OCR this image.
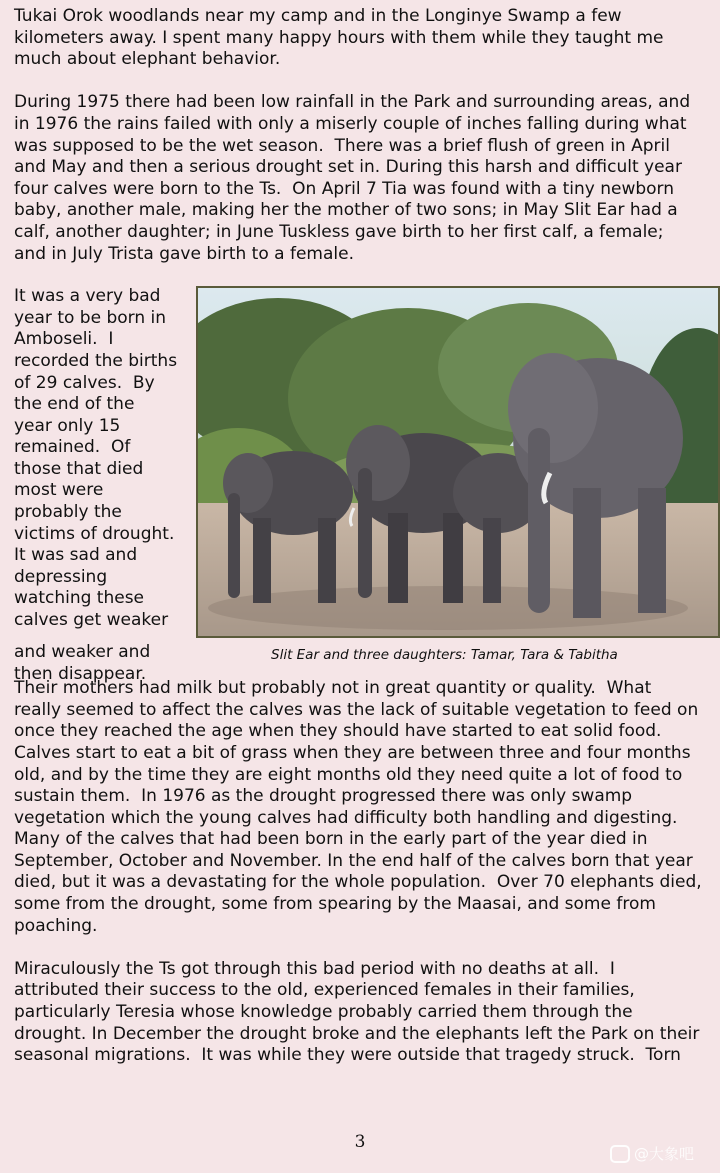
Tukai Orok woodlands near my camp and in the Longinye Swamp a few
kilometers away. I spent many happy hours with them while they taught me
much about elephant behavior.

During 1975 there had been low rainfall in the Park and surrounding areas, and
in 1976 the rains failed with only a miserly couple of inches falling during what
was supposed to be the wet season.  There was a brief flush of green in April
and May and then a serious drought set in. During this harsh and difficult year
four calves were born to the Ts.  On April 7 Tia was found with a tiny newborn
baby, another male, making her the mother of two sons; in May Slit Ear had a
calf, another daughter; in June Tuskless gave birth to her first calf, a female;
and in July Trista gave birth to a female.

It was a very bad
year to be born in
Amboseli.  I
recorded the births
of 29 calves.  By
the end of the
year only 15
remained.  Of
those that died
most were
probably the
victims of drought.
It was sad and
depressing
watching these
calves get weaker

and weaker and
then disappear.

Slit Ear and three daughters: Tamar, Tara & Tabitha

Their mothers had milk but probably not in great quantity or quality.  What
really seemed to affect the calves was the lack of suitable vegetation to feed on
once they reached the age when they should have started to eat solid food.
Calves start to eat a bit of grass when they are between three and four months
old, and by the time they are eight months old they need quite a lot of food to
sustain them.  In 1976 as the drought progressed there was only swamp
vegetation which the young calves had difficulty both handling and digesting.
Many of the calves that had been born in the early part of the year died in
September, October and November. In the end half of the calves born that year
died, but it was a devastating for the whole population.  Over 70 elephants died,
some from the drought, some from spearing by the Maasai, and some from
poaching.

Miraculously the Ts got through this bad period with no deaths at all.  I
attributed their success to the old, experienced females in their families,
particularly Teresia whose knowledge probably carried them through the
drought. In December the drought broke and the elephants left the Park on their
seasonal migrations.  It was while they were outside that tragedy struck.  Torn

3
@大象吧
